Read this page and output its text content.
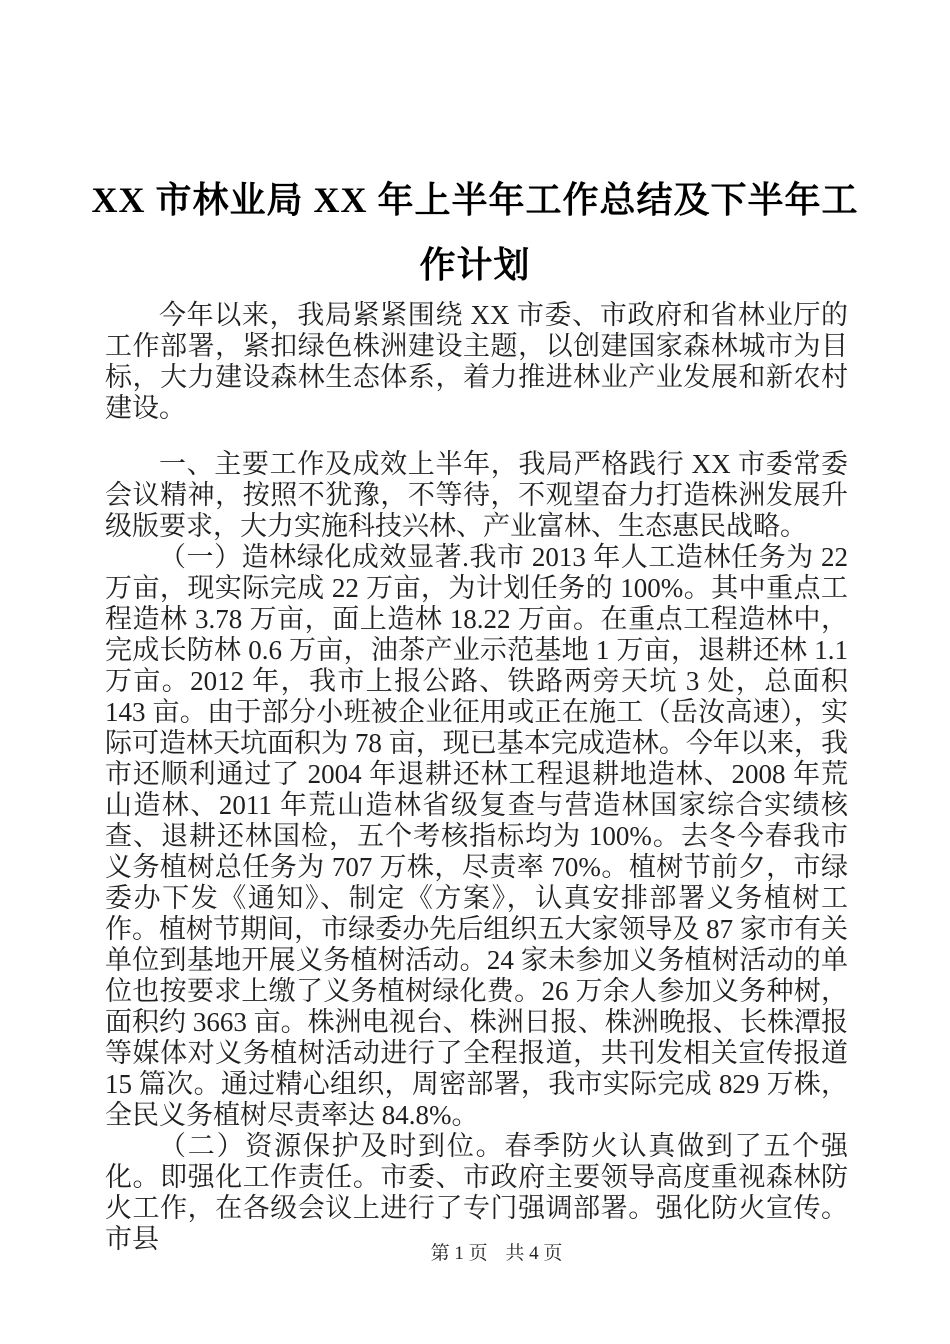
XX 市林业局 XX 年上半年工作总结及下半年工作计划

今年以来，我局紧紧围绕 XX 市委、市政府和省林业厅的工作部署，紧扣绿色株洲建设主题，以创建国家森林城市为目标，大力建设森林生态体系，着力推进林业产业发展和新农村建设。

一、主要工作及成效上半年，我局严格践行 XX 市委常委会议精神，按照不犹豫，不等待，不观望奋力打造株洲发展升级版要求，大力实施科技兴林、产业富林、生态惠民战略。

（一）造林绿化成效显著.我市 2013 年人工造林任务为 22 万亩，现实际完成 22 万亩，为计划任务的 100%。其中重点工程造林 3.78 万亩，面上造林 18.22 万亩。在重点工程造林中，完成长防林 0.6 万亩，油茶产业示范基地 1 万亩，退耕还林 1.1 万亩。2012 年，我市上报公路、铁路两旁天坑 3 处，总面积 143 亩。由于部分小班被企业征用或正在施工（岳汝高速），实际可造林天坑面积为 78 亩，现已基本完成造林。今年以来，我市还顺利通过了 2004 年退耕还林工程退耕地造林、2008 年荒山造林、2011 年荒山造林省级复查与营造林国家综合实绩核查、退耕还林国检，五个考核指标均为 100%。去冬今春我市义务植树总任务为 707 万株，尽责率 70%。植树节前夕，市绿委办下发《通知》、制定《方案》，认真安排部署义务植树工作。植树节期间，市绿委办先后组织五大家领导及 87 家市有关单位到基地开展义务植树活动。24 家未参加义务植树活动的单位也按要求上缴了义务植树绿化费。26 万余人参加义务种树，面积约 3663 亩。株洲电视台、株洲日报、株洲晚报、长株潭报等媒体对义务植树活动进行了全程报道，共刊发相关宣传报道 15 篇次。通过精心组织，周密部署，我市实际完成 829 万株，全民义务植树尽责率达 84.8%。

（二）资源保护及时到位。春季防火认真做到了五个强化。即强化工作责任。市委、市政府主要领导高度重视森林防火工作，在各级会议上进行了专门强调部署。强化防火宣传。市县	第 1 页 共 4 页
